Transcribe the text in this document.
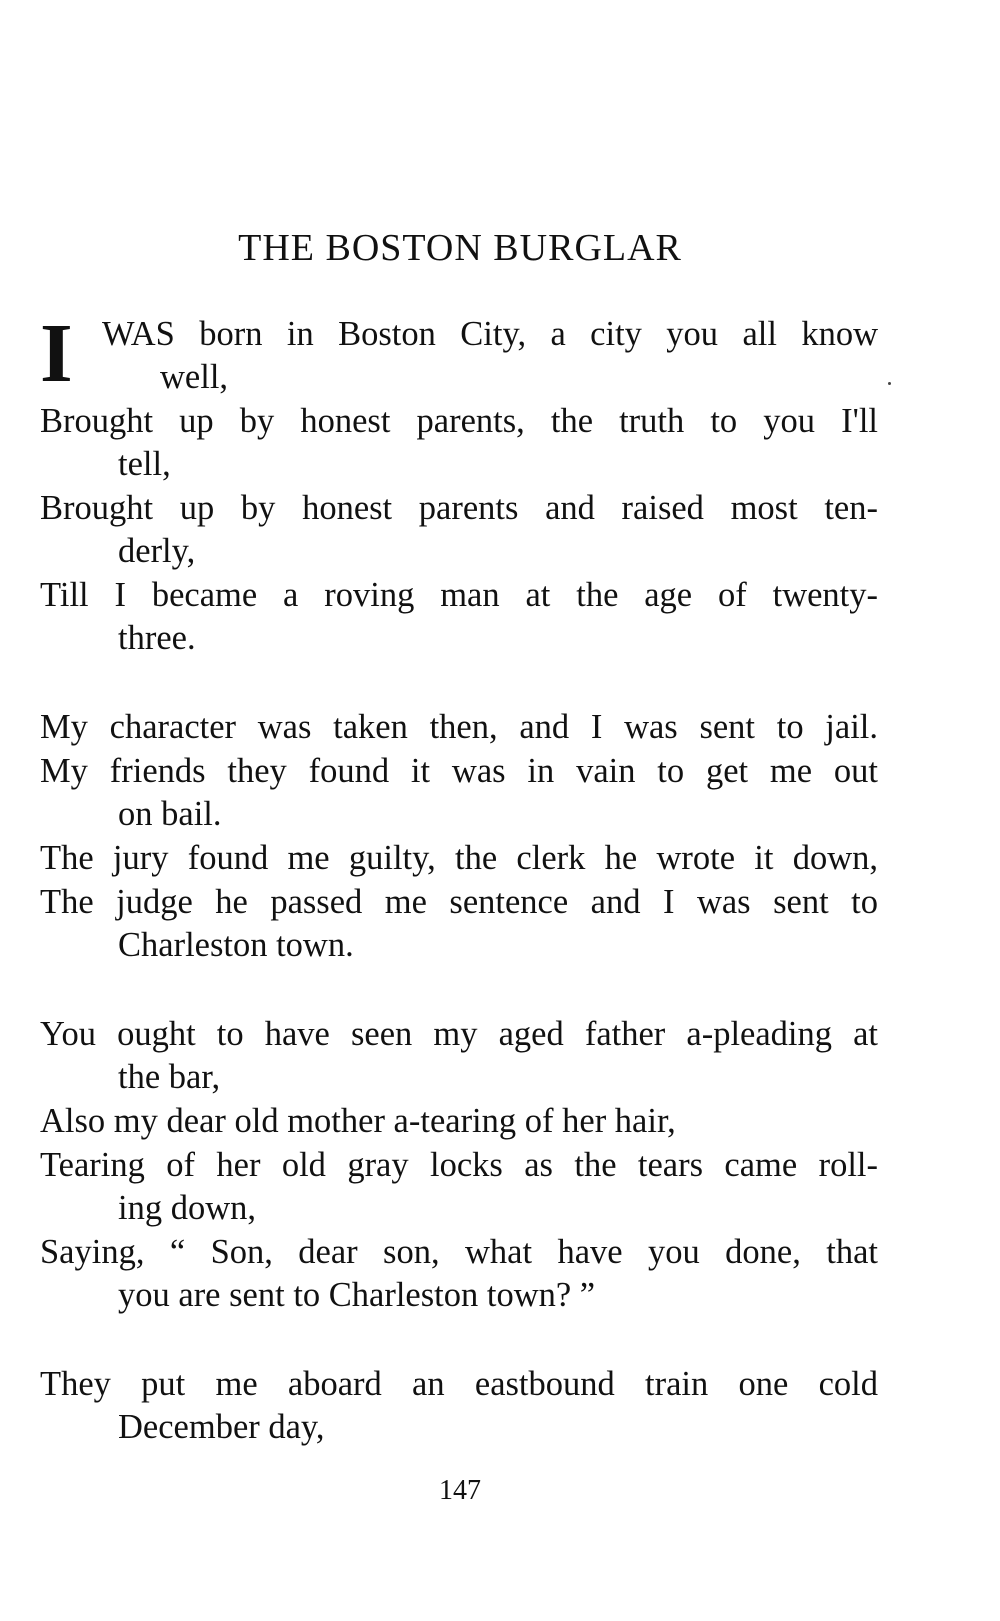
THE BOSTON BURGLAR
I WAS born in Boston City, a city you all know
well,
Brought up by honest parents, the truth to you I'll
tell,
Brought up by honest parents and raised most ten-
derly,
Till I became a roving man at the age of twenty-
three.
My character was taken then, and I was sent to jail.
My friends they found it was in vain to get me out
on bail.
The jury found me guilty, the clerk he wrote it down,
The judge he passed me sentence and I was sent to
Charleston town.
You ought to have seen my aged father a-pleading at
the bar,
Also my dear old mother a-tearing of her hair,
Tearing of her old gray locks as the tears came roll-
ing down,
Saying, “ Son, dear son, what have you done, that
you are sent to Charleston town? ”
They put me aboard an eastbound train one cold
December day,
147
